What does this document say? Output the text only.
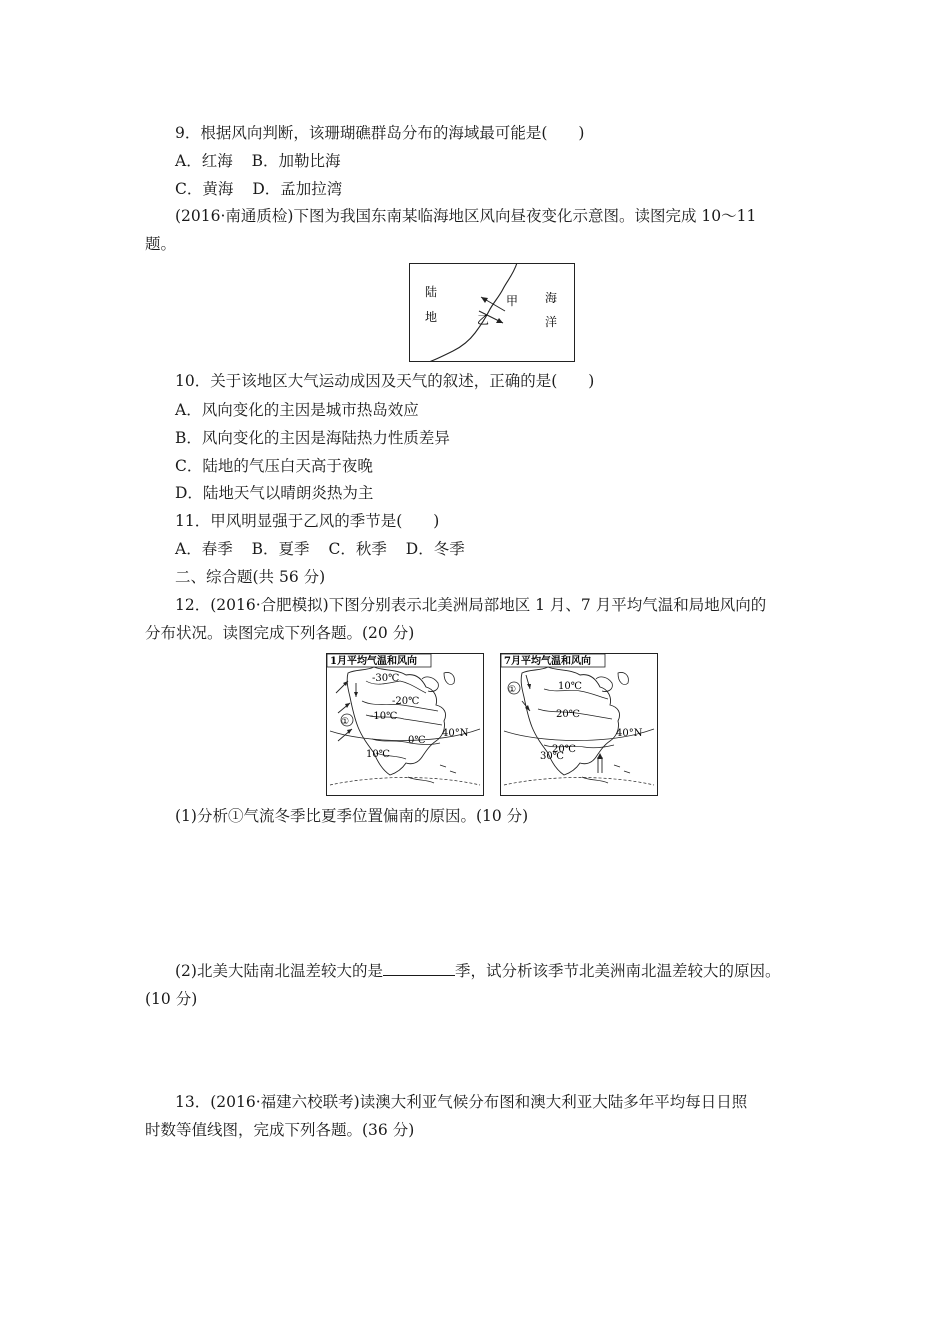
9．根据风向判断，该珊瑚礁群岛分布的海域最可能是(　　)
A．红海 B．加勒比海
C．黄海 D．孟加拉湾
(2016·南通质检)下图为我国东南某临海地区风向昼夜变化示意图。读图完成 10～11
题。
陆
地
海
洋
甲
乙
10．关于该地区大气运动成因及天气的叙述，正确的是(　　)
A．风向变化的主因是城市热岛效应
B．风向变化的主因是海陆热力性质差异
C．陆地的气压白天高于夜晚
D．陆地天气以晴朗炎热为主
11．甲风明显强于乙风的季节是(　　)
A．春季 B．夏季 C．秋季 D．冬季
二、综合题(共 56 分)
12．(2016·合肥模拟)下图分别表示北美洲局部地区 1 月、7 月平均气温和局地风向的
分布状况。读图完成下列各题。(20 分)
1月平均气温和风向
①
-30℃
-20℃
-10℃
0℃
10℃
40°N
7月平均气温和风向
①	10℃
20℃
20℃
30℃
40°N
(1)分析①气流冬季比夏季位置偏南的原因。(10 分)
(2)北美大陆南北温差较大的是	季，试分析该季节北美洲南北温差较大的原因。
(10 分)
13．(2016·福建六校联考)读澳大利亚气候分布图和澳大利亚大陆多年平均每日日照
时数等值线图，完成下列各题。(36 分)
